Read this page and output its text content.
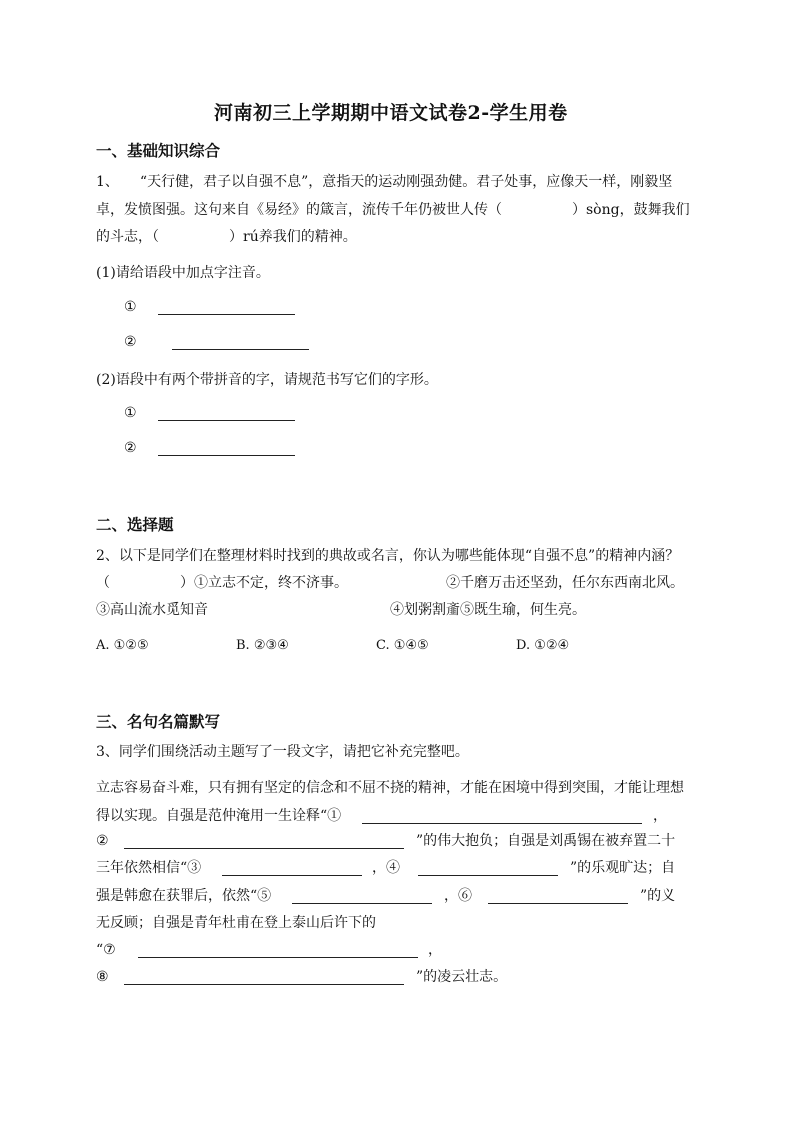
河南初三上学期期中语文试卷2-学生用卷
一、基础知识综合
1、　　“天行健，君子以自强不息”，意指天的运动刚强劲健。君子处事，应像天一样，刚毅坚
卓，发愤图强。这句来自《易经》的箴言，流传千年仍被世人传（　　　　　）sòng，鼓舞我们
的斗志，（　　　　　）rú养我们的精神。
(1)请给语段中加点字注音。
①
②
(2)语段中有两个带拼音的字，请规范书写它们的字形。
①
②
二、选择题
2、以下是同学们在整理材料时找到的典故或名言，你认为哪些能体现“自强不息”的精神内涵？
（　　　　　）①立志不定，终不济事。	②千磨万击还坚劲，任尔东西南北风。
③高山流水觅知音	④划粥割齑⑤既生瑜，何生亮。
A. ①②⑤	B. ②③④	C. ①④⑤	D. ①②④
三、名句名篇默写
3、同学们围绕活动主题写了一段文字，请把它补充完整吧。
立志容易奋斗难，只有拥有坚定的信念和不屈不挠的精神，才能在困境中得到突围，才能让理想
得以实现。自强是范仲淹用一生诠释“①	，
②	”的伟大抱负；自强是刘禹锡在被弃置二十
三年依然相信“③	，④	”的乐观旷达；自
强是韩愈在获罪后，依然“⑤	，⑥	”的义
无反顾；自强是青年杜甫在登上泰山后许下的
“⑦	，
⑧	”的凌云壮志。
